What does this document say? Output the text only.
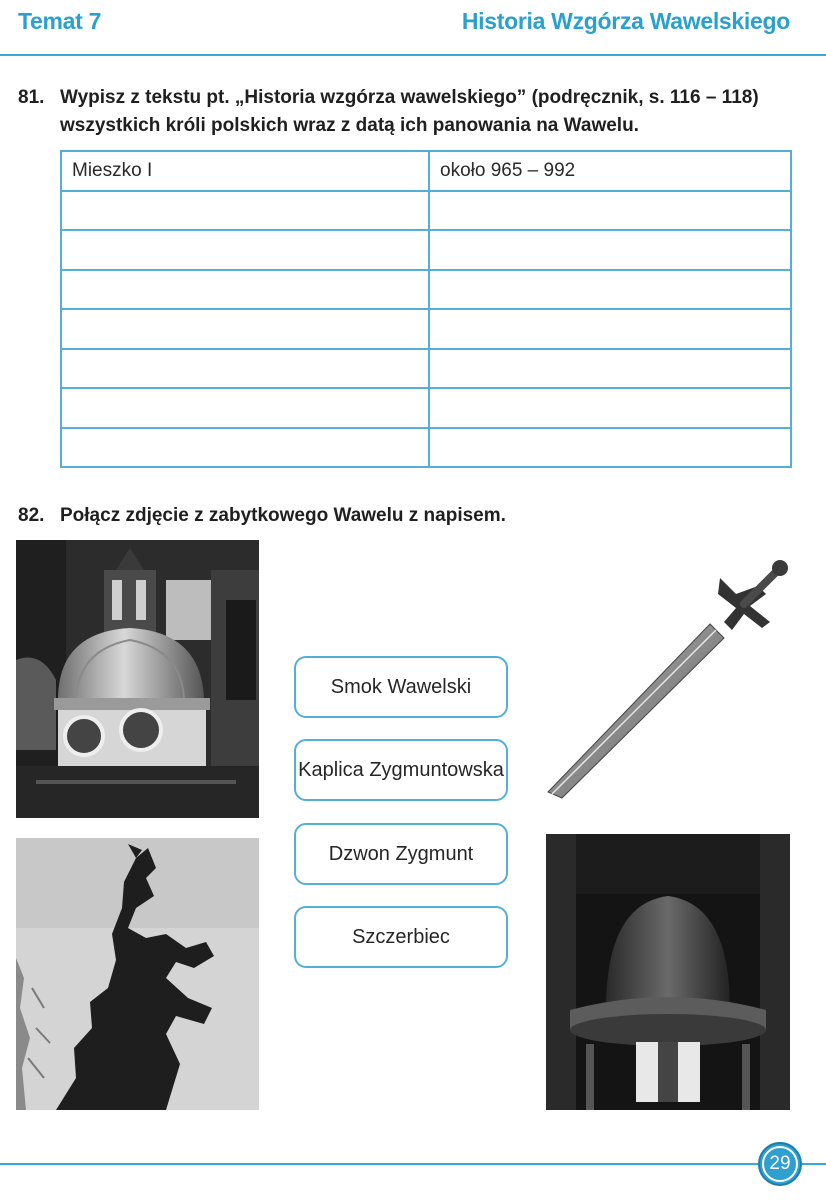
Temat 7	Historia Wzgórza Wawelskiego
81. Wypisz z tekstu pt. „Historia wzgórza wawelskiego” (podręcznik, s. 116 – 118)
wszystkich króli polskich wraz z datą ich panowania na Wawelu.
Mieszko I	około 965 – 992

82. Połącz zdjęcie z zabytkowego Wawelu z napisem.
Smok Wawelski
Kaplica Zygmuntowska
Dzwon Zygmunt
Szczerbiec
29
